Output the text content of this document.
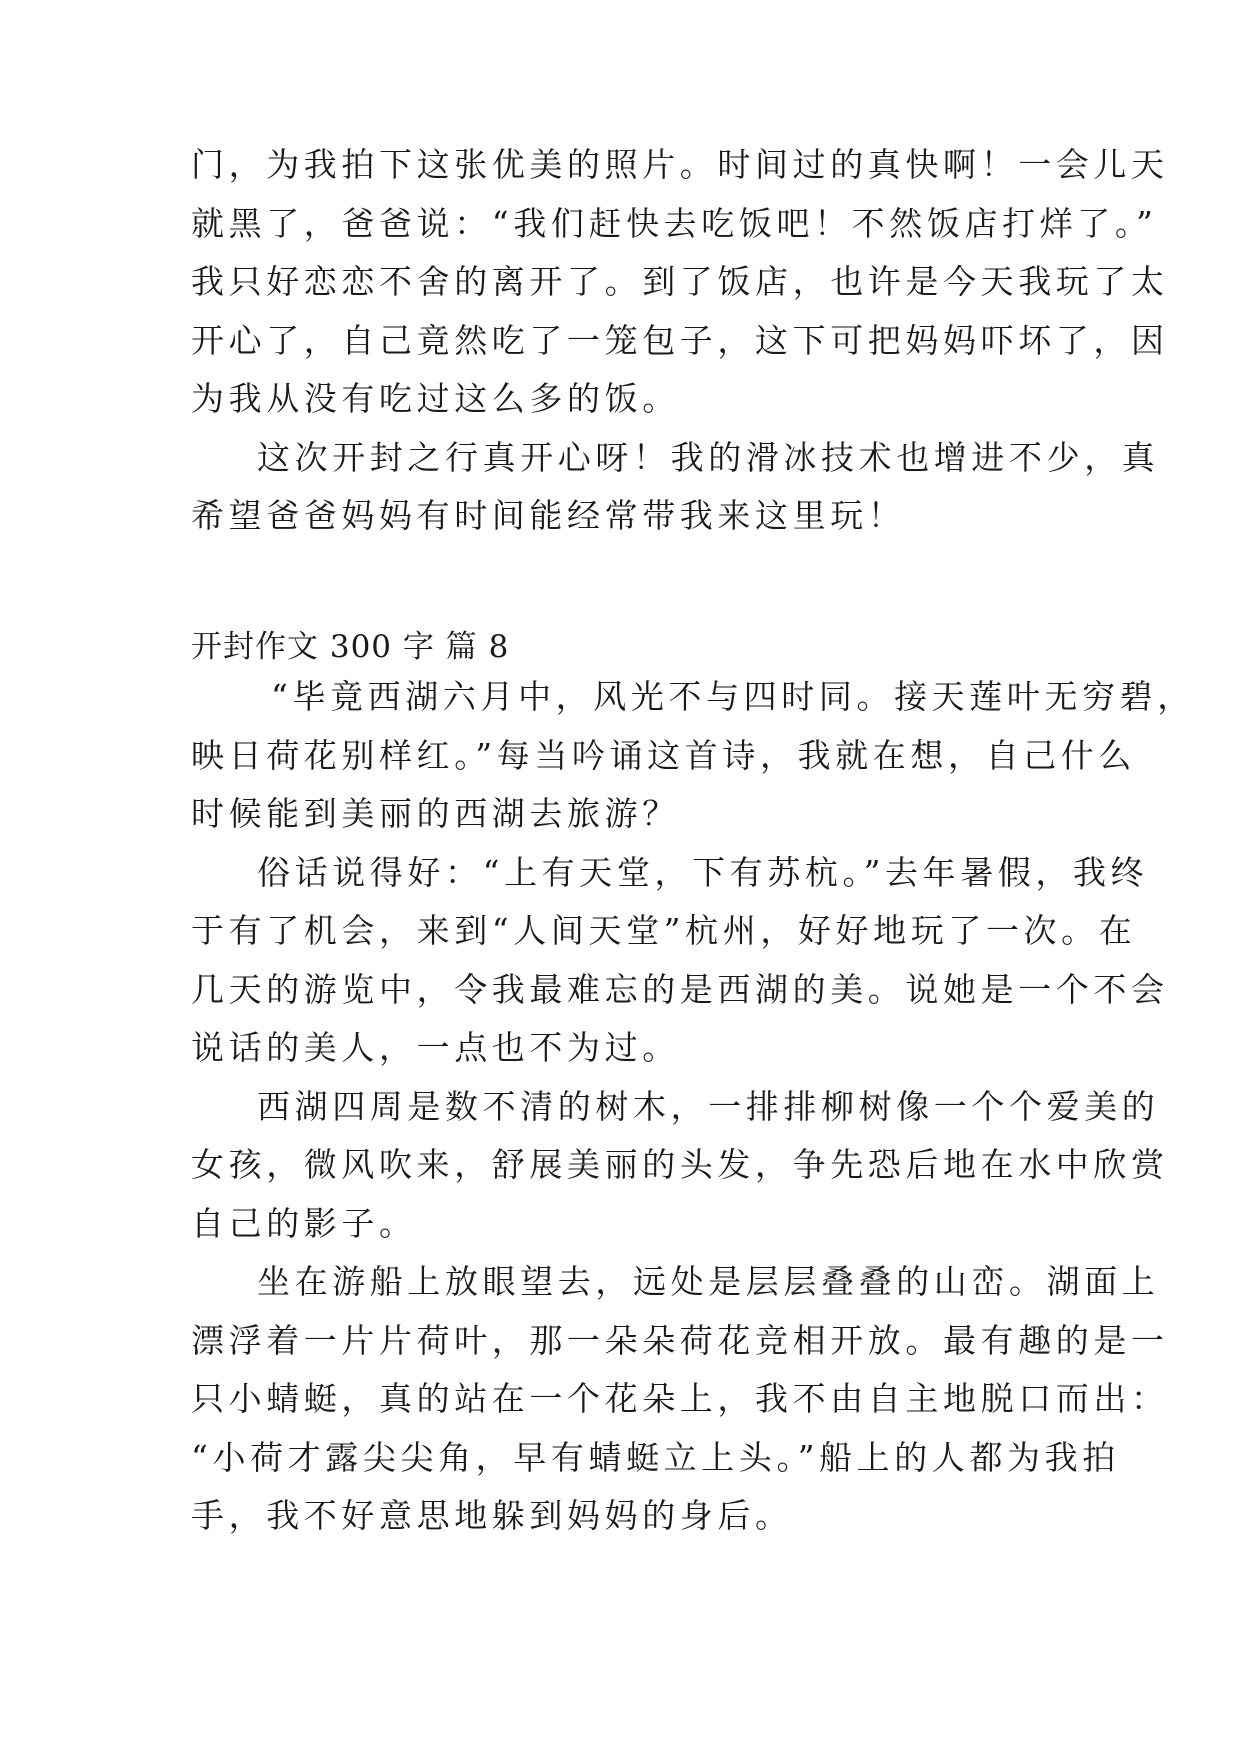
门，为我拍下这张优美的照片。时间过的真快啊！一会儿天
就黑了，爸爸说：“我们赶快去吃饭吧！不然饭店打烊了。”
我只好恋恋不舍的离开了。到了饭店，也许是今天我玩了太
开心了，自己竟然吃了一笼包子，这下可把妈妈吓坏了，因
为我从没有吃过这么多的饭。
这次开封之行真开心呀！我的滑冰技术也增进不少，真
希望爸爸妈妈有时间能经常带我来这里玩！
开封作文 300 字 篇 8
“毕竟西湖六月中，风光不与四时同。接天莲叶无穷碧，
映日荷花别样红。”每当吟诵这首诗，我就在想，自己什么
时候能到美丽的西湖去旅游？
俗话说得好：“上有天堂，下有苏杭。”去年暑假，我终
于有了机会，来到“人间天堂”杭州，好好地玩了一次。在
几天的游览中，令我最难忘的是西湖的美。说她是一个不会
说话的美人，一点也不为过。
西湖四周是数不清的树木，一排排柳树像一个个爱美的
女孩，微风吹来，舒展美丽的头发，争先恐后地在水中欣赏
自己的影子。
坐在游船上放眼望去，远处是层层叠叠的山峦。湖面上
漂浮着一片片荷叶，那一朵朵荷花竞相开放。最有趣的是一
只小蜻蜓，真的站在一个花朵上，我不由自主地脱口而出：
“小荷才露尖尖角，早有蜻蜓立上头。”船上的人都为我拍
手，我不好意思地躲到妈妈的身后。
